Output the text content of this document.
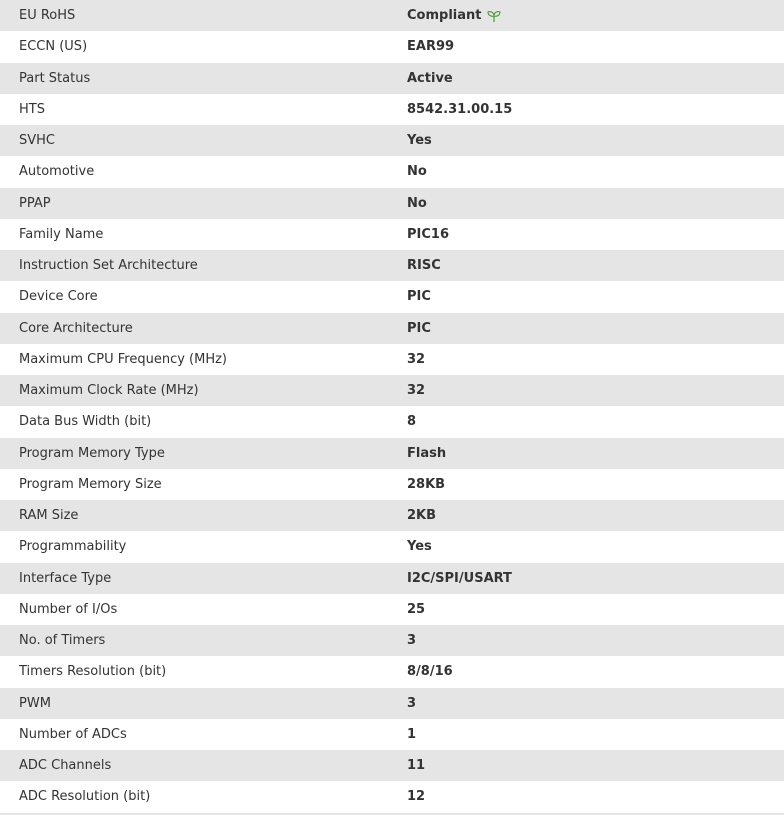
EU RoHS	Compliant
ECCN (US)	EAR99
Part Status	Active
HTS	8542.31.00.15
SVHC	Yes
Automotive	No
PPAP	No
Family Name	PIC16
Instruction Set Architecture	RISC
Device Core	PIC
Core Architecture	PIC
Maximum CPU Frequency (MHz)	32
Maximum Clock Rate (MHz)	32
Data Bus Width (bit)	8
Program Memory Type	Flash
Program Memory Size	28KB
RAM Size	2KB
Programmability	Yes
Interface Type	I2C/SPI/USART
Number of I/Os	25
No. of Timers	3
Timers Resolution (bit)	8/8/16
PWM	3
Number of ADCs	1
ADC Channels	11
ADC Resolution (bit)	12
